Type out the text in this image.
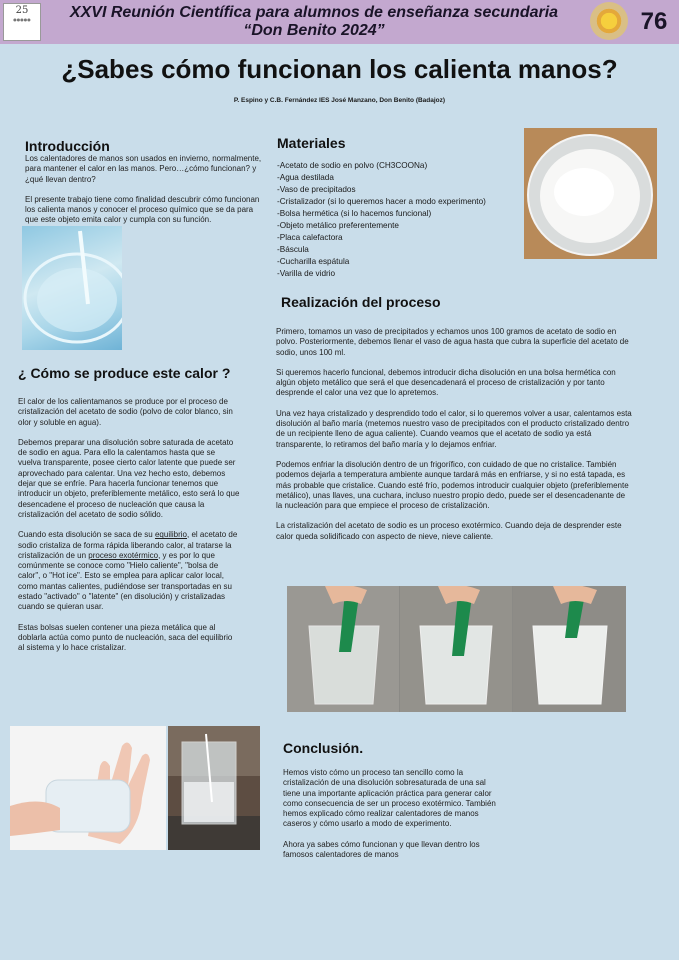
25
●●●●●	XXVI Reunión Científica para alumnos de enseñanza secundaria
“Don Benito 2024”	76
¿Sabes cómo funcionan los calienta manos?
P. Espino y C.B. Fernández IES José Manzano, Don Benito (Badajoz)
Introducción

Los calentadores de manos son usados en invierno, normalmente, para mantener el calor en las manos. Pero…¿cómo funcionan? y ¿qué llevan dentro?

El presente trabajo tiene como finalidad descubrir cómo funcionan los calienta manos y conocer el proceso químico que se da para que este objeto emita calor y cumpla con su función.

¿ Cómo se produce este calor ?

El calor de los calientamanos se produce por el proceso de cristalización del acetato de sodio (polvo de color blanco, sin olor y soluble en agua).

Debemos preparar una disolución sobre saturada de acetato de sodio en agua. Para ello la calentamos hasta que se vuelva transparente, posee cierto calor latente que puede ser aprovechado para calentar. Una vez hecho esto, debemos dejar que se enfríe. Para hacerla funcionar tenemos que introducir un objeto, preferiblemente metálico, esto será lo que desencadene el proceso de nucleación que causa la cristalización del acetato de sodio sólido.

Cuando esta disolución se saca de su equilibrio, el acetato de sodio cristaliza de forma rápida liberando calor, al tratarse la cristalización de un proceso exotérmico, y es por lo que comúnmente se conoce como "Hielo caliente", "bolsa de calor", o "Hot ice". Esto se emplea para aplicar calor local, como mantas calientes, pudiéndose ser transportadas en su estado "activado" o "latente" (en disolución) y cristalizadas cuando se quieran usar.

Estas bolsas suelen contener una pieza metálica que al doblarla actúa como punto de nucleación, saca del equilibrio al sistema y lo hace cristalizar.

Materiales
-Acetato de sodio en polvo (CH3COONa)
-Agua destilada
-Vaso de precipitados
-Cristalizador (si lo queremos hacer a modo experimento)
-Bolsa hermética (si lo hacemos funcional)
-Objeto metálico preferentemente
-Placa calefactora
-Báscula
-Cucharilla espátula
-Varilla de vidrio
Realización del proceso

Primero, tomamos un vaso de precipitados y echamos unos 100 gramos de acetato de sodio en polvo. Posteriormente, debemos llenar el vaso de agua hasta que cubra la superficie del acetato de sodio, unos 100 ml.

Si queremos hacerlo funcional, debemos introducir dicha disolución en una bolsa hermética con algún objeto metálico que será el que desencadenará el proceso de cristalización y por tanto desprende el calor una vez que lo apretemos.

Una vez haya cristalizado y desprendido todo el calor, si lo queremos volver a usar, calentamos esta disolución al baño maría (metemos nuestro vaso de precipitados con el producto cristalizado dentro de un recipiente lleno de agua caliente). Cuando veamos que el acetato de sodio ya está transparente, lo retiramos del baño maría y lo dejamos enfriar.

Podemos enfriar la disolución dentro de un frigorífico, con cuidado de que no cristalice. También podemos dejarla a temperatura ambiente aunque tardará más en enfriarse, y si no está tapada, es más probable que cristalice. Cuando esté frío, podemos introducir cualquier objeto (preferiblemente metálico), unas llaves, una cuchara, incluso nuestro propio dedo, puede ser el desencadenante de la nucleación para que empiece el proceso de cristalización.

La cristalización del acetato de sodio es un proceso exotérmico. Cuando deja de desprender este calor queda solidificado con aspecto de nieve, nieve caliente.

Conclusión.

Hemos visto cómo un proceso tan sencillo como la cristalización de una disolución sobresaturada de una sal tiene una importante aplicación práctica para generar calor como consecuencia de ser un proceso exotérmico. También hemos explicado cómo realizar calentadores de manos caseros y cómo usarlo a modo de experimento.

Ahora ya sabes cómo funcionan y que llevan dentro los famosos calentadores de manos
